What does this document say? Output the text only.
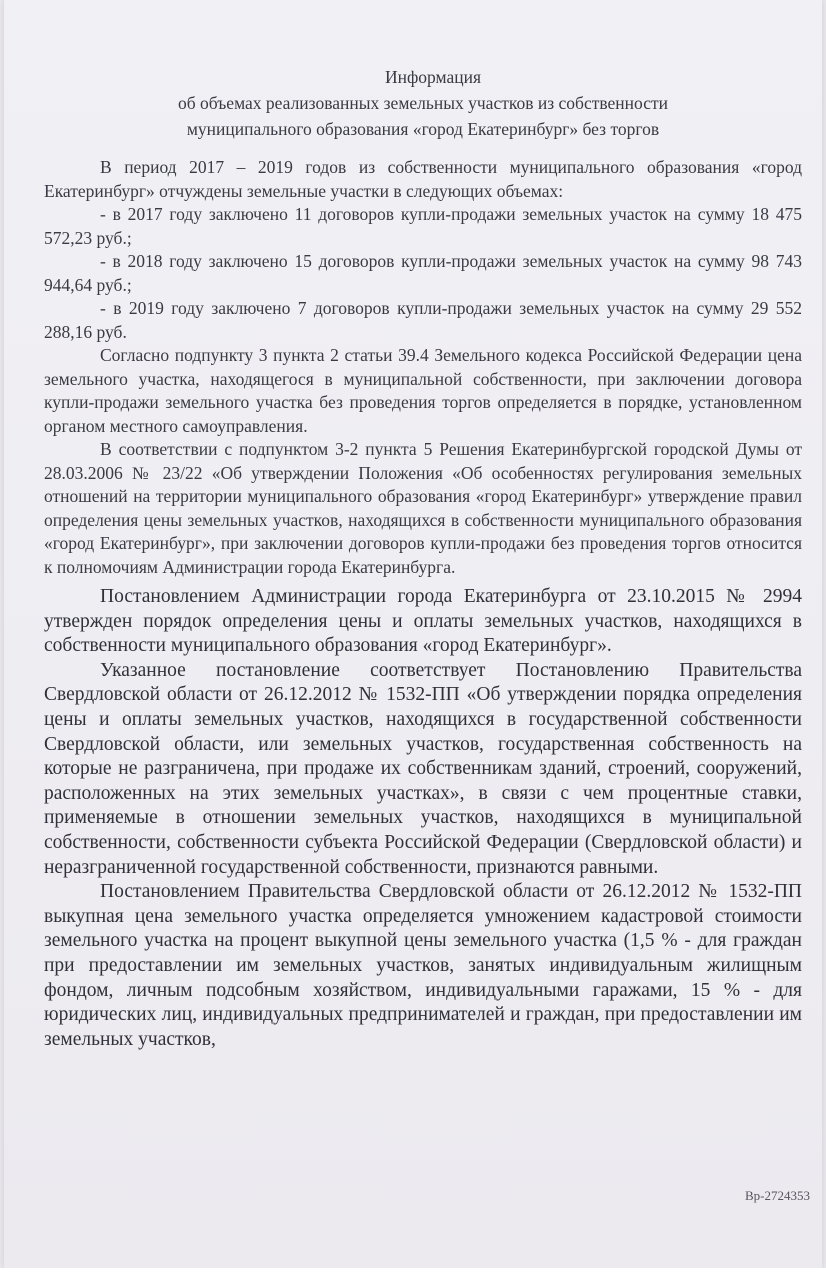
Информация

об объемах реализованных земельных участков из собственности

муниципального образования «город Екатеринбург» без торгов

В период 2017 – 2019 годов из собственности муниципального образования «город Екатеринбург» отчуждены земельные участки в следующих объемах:

- в 2017 году заключено 11 договоров купли-продажи земельных участок на сумму 18 475 572,23 руб.;

- в 2018 году заключено 15 договоров купли-продажи земельных участок на сумму 98 743 944,64 руб.;

- в 2019 году заключено 7 договоров купли-продажи земельных участок на сумму 29 552 288,16 руб.

Согласно подпункту 3 пункта 2 статьи 39.4 Земельного кодекса Российской Федерации цена земельного участка, находящегося в муниципальной собственности, при заключении договора купли-продажи земельного участка без проведения торгов определяется в порядке, установленном органом местного самоуправления.

В соответствии с подпунктом 3-2 пункта 5 Решения Екатеринбургской городской Думы от 28.03.2006 № 23/22 «Об утверждении Положения «Об особенностях регулирования земельных отношений на территории муниципального образования «город Екатеринбург» утверждение правил определения цены земельных участков, находящихся в собственности муниципального образования «город Екатеринбург», при заключении договоров купли-продажи без проведения торгов относится к полномочиям Администрации города Екатеринбурга.

Постановлением Администрации города Екатеринбурга от 23.10.2015 № 2994 утвержден порядок определения цены и оплаты земельных участков, находящихся в собственности муниципального образования «город Екатеринбург».

Указанное постановление соответствует Постановлению Правительства Свердловской области от 26.12.2012 № 1532-ПП «Об утверждении порядка определения цены и оплаты земельных участков, находящихся в государственной собственности Свердловской области, или земельных участков, государственная собственность на которые не разграничена, при продаже их собственникам зданий, строений, сооружений, расположенных на этих земельных участках», в связи с чем процентные ставки, применяемые в отношении земельных участков, находящихся в муниципальной собственности, собственности субъекта Российской Федерации (Свердловской области) и неразграниченной государственной собственности, признаются равными.

Постановлением Правительства Свердловской области от 26.12.2012 № 1532-ПП выкупная цена земельного участка определяется умножением кадастровой стоимости земельного участка на процент выкупной цены земельного участка (1,5 % - для граждан при предоставлении им земельных участков, занятых индивидуальным жилищным фондом, личным подсобным хозяйством, индивидуальными гаражами, 15 % - для юридических лиц, индивидуальных предпринимателей и граждан, при предоставлении им земельных участков,

Вр-2724353
